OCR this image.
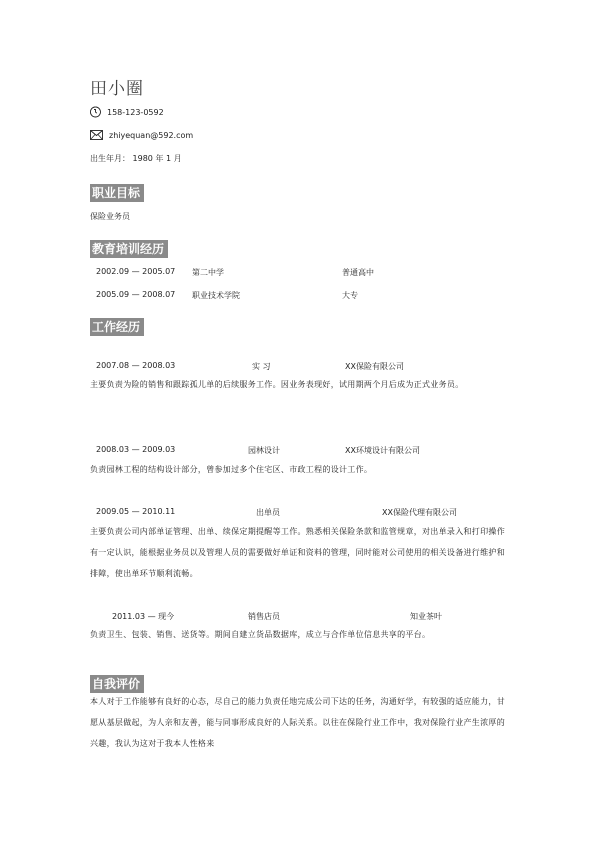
田小圈
158-123-0592
zhiyequan@592.com
出生年月： 1980 年 1 月
职业目标
保险业务员
教育培训经历
2002.09 — 2005.07 第二中学	普通高中
2005.09 — 2008.07 职业技术学院	大专
工作经历
2007.08 — 2008.03	实 习	XX保险有限公司
主要负责为险的销售和跟踪孤儿单的后续服务工作。因业务表现好，试用期两个月后成为正式业务员。
2008.03 — 2009.03	园林设计	XX环境设计有限公司
负责园林工程的结构设计部分，曾参加过多个住宅区、市政工程的设计工作。
2009.05 — 2010.11	出单员	XX保险代理有限公司
主要负责公司内部单证管理、出单、续保定期提醒等工作。熟悉相关保险条款和监管规章，对出单录入和打印操作有一定认识，能根据业务员以及管理人员的需要做好单证和资料的管理，同时能对公司使用的相关设备进行维护和排障，使出单环节顺利流畅。
2011.03 — 现今	销售店员	知业茶叶
负责卫生、包装、销售、送货等。期间自建立货品数据库，成立与合作单位信息共享的平台。
自我评价
本人对于工作能够有良好的心态，尽自己的能力负责任地完成公司下达的任务，沟通好学，有较强的适应能力，甘愿从基层做起，为人亲和友善，能与同事形成良好的人际关系。以往在保险行业工作中，我对保险行业产生浓厚的兴趣，我认为这对于我本人性格来
